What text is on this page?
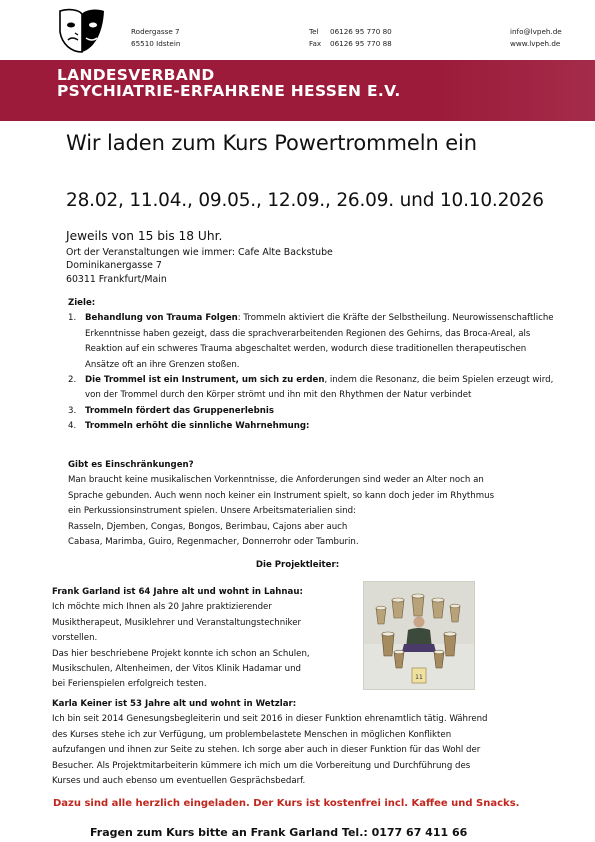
Rodergasse 7
65510 Idstein
Tel
Fax
06126 95 770 80
06126 95 770 88
info@lvpeh.de
www.lvpeh.de
LANDESVERBAND
PSYCHIATRIE-ERFAHRENE HESSEN E.V.
Wir laden zum Kurs Powertrommeln ein
28.02, 11.04., 09.05., 12.09., 26.09. und 10.10.2026
Jeweils von 15 bis 18 Uhr.
Ort der Veranstaltungen wie immer: Cafe Alte Backstube
Dominikanergasse 7
60311 Frankfurt/Main
Ziele:
1. Behandlung von Trauma Folgen: Trommeln aktiviert die Kräfte der Selbstheilung. Neurowissenschaftliche Erkenntnisse haben gezeigt, dass die sprachverarbeitenden Regionen des Gehirns, das Broca-Areal, als Reaktion auf ein schweres Trauma abgeschaltet werden, wodurch diese traditionellen therapeutischen Ansätze oft an ihre Grenzen stoßen.
2. Die Trommel ist ein Instrument, um sich zu erden, indem die Resonanz, die beim Spielen erzeugt wird, von der Trommel durch den Körper strömt und ihn mit den Rhythmen der Natur verbindet
3. Trommeln fördert das Gruppenerlebnis
4. Trommeln erhöht die sinnliche Wahrnehmung:
Gibt es Einschränkungen?
Man braucht keine musikalischen Vorkenntnisse, die Anforderungen sind weder an Alter noch an
Sprache gebunden. Auch wenn noch keiner ein Instrument spielt, so kann doch jeder im Rhythmus
ein Perkussionsinstrument spielen. Unsere Arbeitsmaterialien sind:
Rasseln, Djemben, Congas, Bongos, Berimbau, Cajons aber auch
Cabasa, Marimba, Guiro, Regenmacher, Donnerrohr oder Tamburin.
Die Projektleiter:
Frank Garland ist 64 Jahre alt und wohnt in Lahnau:
Ich möchte mich Ihnen als 20 Jahre praktizierender
Musiktherapeut, Musiklehrer und Veranstaltungstechniker
vorstellen.
Das hier beschriebene Projekt konnte ich schon an Schulen,
Musikschulen, Altenheimen, der Vitos Klinik Hadamar und
bei Ferienspielen erfolgreich testen.
11
Karla Keiner ist 53 Jahre alt und wohnt in Wetzlar:
Ich bin seit 2014 Genesungsbegleiterin und seit 2016 in dieser Funktion ehrenamtlich tätig. Während
des Kurses stehe ich zur Verfügung, um problembelastete Menschen in möglichen Konflikten
aufzufangen und ihnen zur Seite zu stehen. Ich sorge aber auch in dieser Funktion für das Wohl der
Besucher. Als Projektmitarbeiterin kümmere ich mich um die Vorbereitung und Durchführung des
Kurses und auch ebenso um eventuellen Gesprächsbedarf.
Dazu sind alle herzlich eingeladen. Der Kurs ist kostenfrei incl. Kaffee und Snacks.
Fragen zum Kurs bitte an Frank Garland Tel.: 0177 67 411 66
